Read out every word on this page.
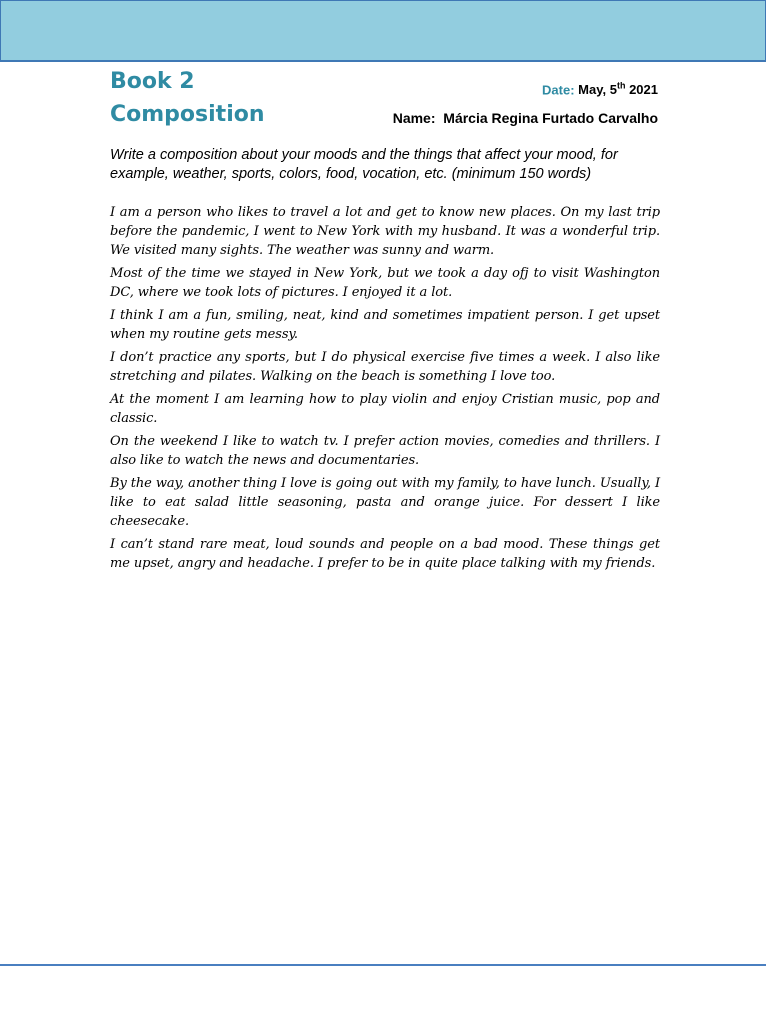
Book 2
Composition
Date: May, 5th 2021
Name: Márcia Regina Furtado Carvalho

Write a composition about your moods and the things that affect your mood, for example, weather, sports, colors, food, vocation, etc. (minimum 150 words)

I am a person who likes to travel a lot and get to know new places. On my last trip before the pandemic, I went to New York with my husband. It was a wonderful trip. We visited many sights. The weather was sunny and warm.

Most of the time we stayed in New York, but we took a day ofj to visit Washington DC, where we took lots of pictures. I enjoyed it a lot.

I think I am a fun, smiling, neat, kind and sometimes impatient person. I get upset when my routine gets messy.

I don’t practice any sports, but I do physical exercise five times a week. I also like stretching and pilates. Walking on the beach is something I love too.

At the moment I am learning how to play violin and enjoy Cristian music, pop and classic.

On the weekend I like to watch tv. I prefer action movies, comedies and thrillers. I also like to watch the news and documentaries.

By the way, another thing I love is going out with my family, to have lunch. Usually, I like to eat salad little seasoning, pasta and orange juice. For dessert I like cheesecake.

I can’t stand rare meat, loud sounds and people on a bad mood. These things get me upset, angry and headache. I prefer to be in quite place talking with my friends.
